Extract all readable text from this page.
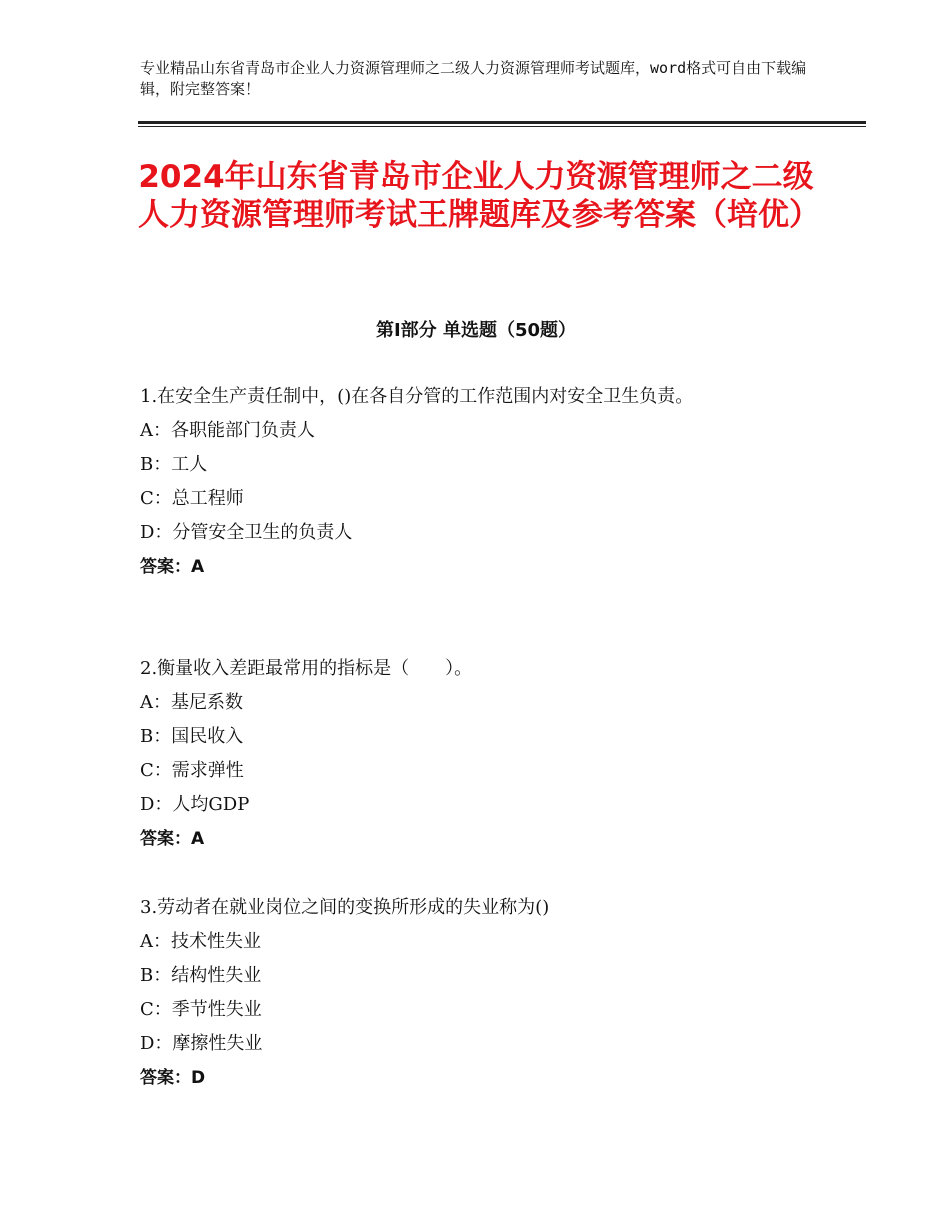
专业精品山东省青岛市企业人力资源管理师之二级人力资源管理师考试题库，word格式可自由下载编辑，附完整答案！
2024年山东省青岛市企业人力资源管理师之二级人力资源管理师考试王牌题库及参考答案（培优）
第Ⅰ部分 单选题（50题）

1.在安全生产责任制中，()在各自分管的工作范围内对安全卫生负责。

A：各职能部门负责人

B：工人

C：总工程师

D：分管安全卫生的负责人

答案：A

2.衡量收入差距最常用的指标是（　　）。

A：基尼系数

B：国民收入

C：需求弹性

D：人均GDP

答案：A

3.劳动者在就业岗位之间的变换所形成的失业称为()

A：技术性失业

B：结构性失业

C：季节性失业

D：摩擦性失业

答案：D
